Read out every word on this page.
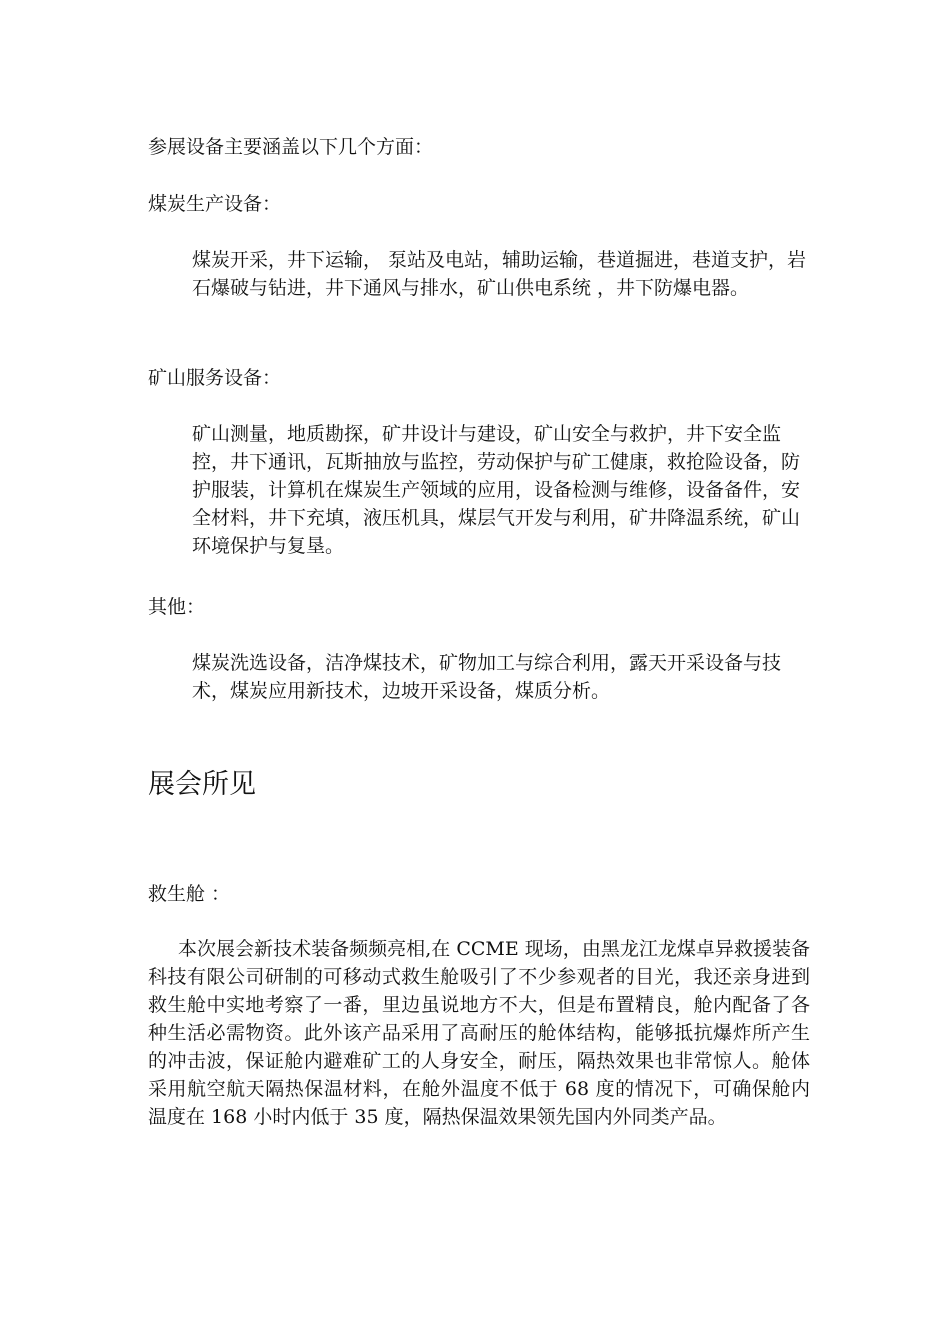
参展设备主要涵盖以下几个方面：

煤炭生产设备：

煤炭开采，井下运输， 泵站及电站，辅助运输，巷道掘进，巷道支护，岩石爆破与钻进，井下通风与排水，矿山供电系统 ，井下防爆电器。

矿山服务设备：

矿山测量，地质勘探，矿井设计与建设，矿山安全与救护，井下安全监控，井下通讯，瓦斯抽放与监控，劳动保护与矿工健康，救抢险设备，防护服装，计算机在煤炭生产领域的应用，设备检测与维修，设备备件，安全材料，井下充填，液压机具，煤层气开发与利用，矿井降温系统，矿山环境保护与复垦。

其他：

煤炭洗选设备，洁净煤技术，矿物加工与综合利用，露天开采设备与技术，煤炭应用新技术，边坡开采设备，煤质分析。

展会所见

救生舱 ：

本次展会新技术装备频频亮相,在 CCME 现场，由黑龙江龙煤卓异救援装备科技有限公司研制的可移动式救生舱吸引了不少参观者的目光，我还亲身进到救生舱中实地考察了一番，里边虽说地方不大，但是布置精良，舱内配备了各种生活必需物资。此外该产品采用了高耐压的舱体结构，能够抵抗爆炸所产生的冲击波，保证舱内避难矿工的人身安全，耐压，隔热效果也非常惊人。舱体采用航空航天隔热保温材料，在舱外温度不低于 68 度的情况下，可确保舱内温度在 168 小时内低于 35 度，隔热保温效果领先国内外同类产品。
